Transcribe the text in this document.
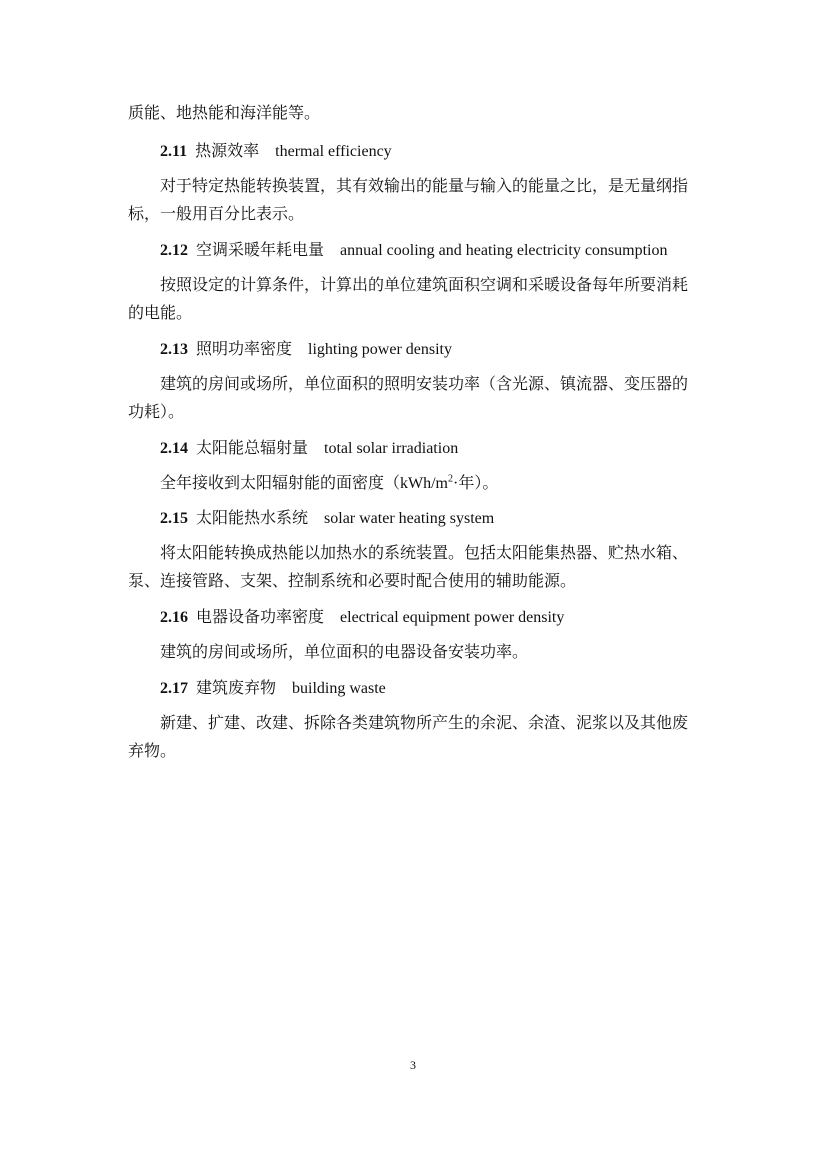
质能、地热能和海洋能等。
2.11 热源效率 thermal efficiency
对于特定热能转换装置，其有效输出的能量与输入的能量之比，是无量纲指
标，一般用百分比表示。
2.12 空调采暖年耗电量 annual cooling and heating electricity consumption
按照设定的计算条件，计算出的单位建筑面积空调和采暖设备每年所要消耗
的电能。
2.13 照明功率密度 lighting power density
建筑的房间或场所，单位面积的照明安装功率（含光源、镇流器、变压器的
功耗）。
2.14 太阳能总辐射量 total solar irradiation
全年接收到太阳辐射能的面密度（$kWh/m^2\cdot$年）。
2.15 太阳能热水系统 solar water heating system
将太阳能转换成热能以加热水的系统装置。包括太阳能集热器、贮热水箱、
泵、连接管路、支架、控制系统和必要时配合使用的辅助能源。
2.16 电器设备功率密度 electrical equipment power density
建筑的房间或场所，单位面积的电器设备安装功率。
2.17 建筑废弃物 building waste
新建、扩建、改建、拆除各类建筑物所产生的余泥、余渣、泥浆以及其他废
弃物。
3
